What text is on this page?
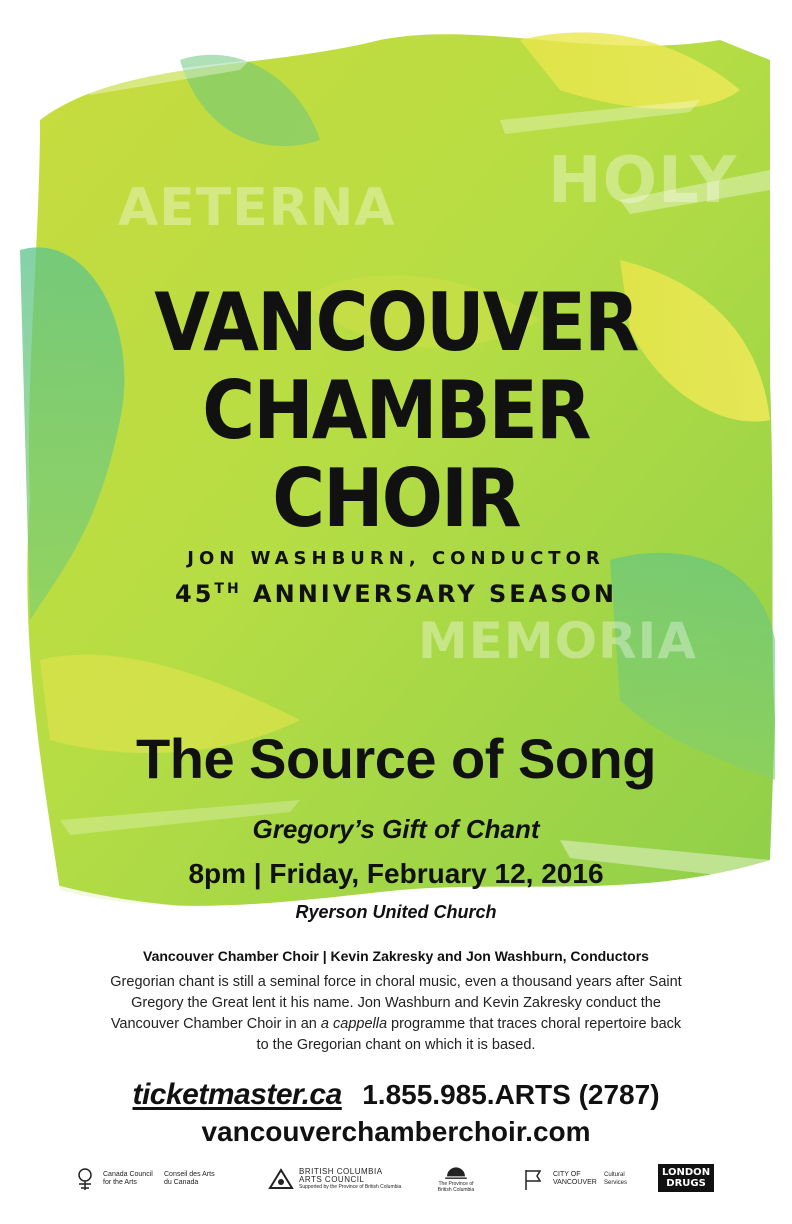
AETERNA HOLY
MEMORIA
VANCOUVER
CHAMBER
CHOIR
JON WASHBURN, CONDUCTOR
45TH ANNIVERSARY SEASON
The Source of Song
Gregory’s Gift of Chant
8pm | Friday, February 12, 2016
Ryerson United Church
Vancouver Chamber Choir | Kevin Zakresky and Jon Washburn, Conductors
Gregorian chant is still a seminal force in choral music, even a thousand years after Saint Gregory the Great lent it his name. Jon Washburn and Kevin Zakresky conduct the Vancouver Chamber Choir in an a cappella programme that traces choral repertoire back to the Gregorian chant on which it is based.
ticketmaster.ca 1.855.985.ARTS (2787)
vancouverchamberchoir.com
Canada Council for the Arts
Conseil des Arts du Canada
BRITISH COLUMBIA ARTS COUNCIL
Supported by the Province of British Columbia	The Province of British Columbia
CITY OF VANCOUVER
Cultural Services
LONDON
DRUGS
